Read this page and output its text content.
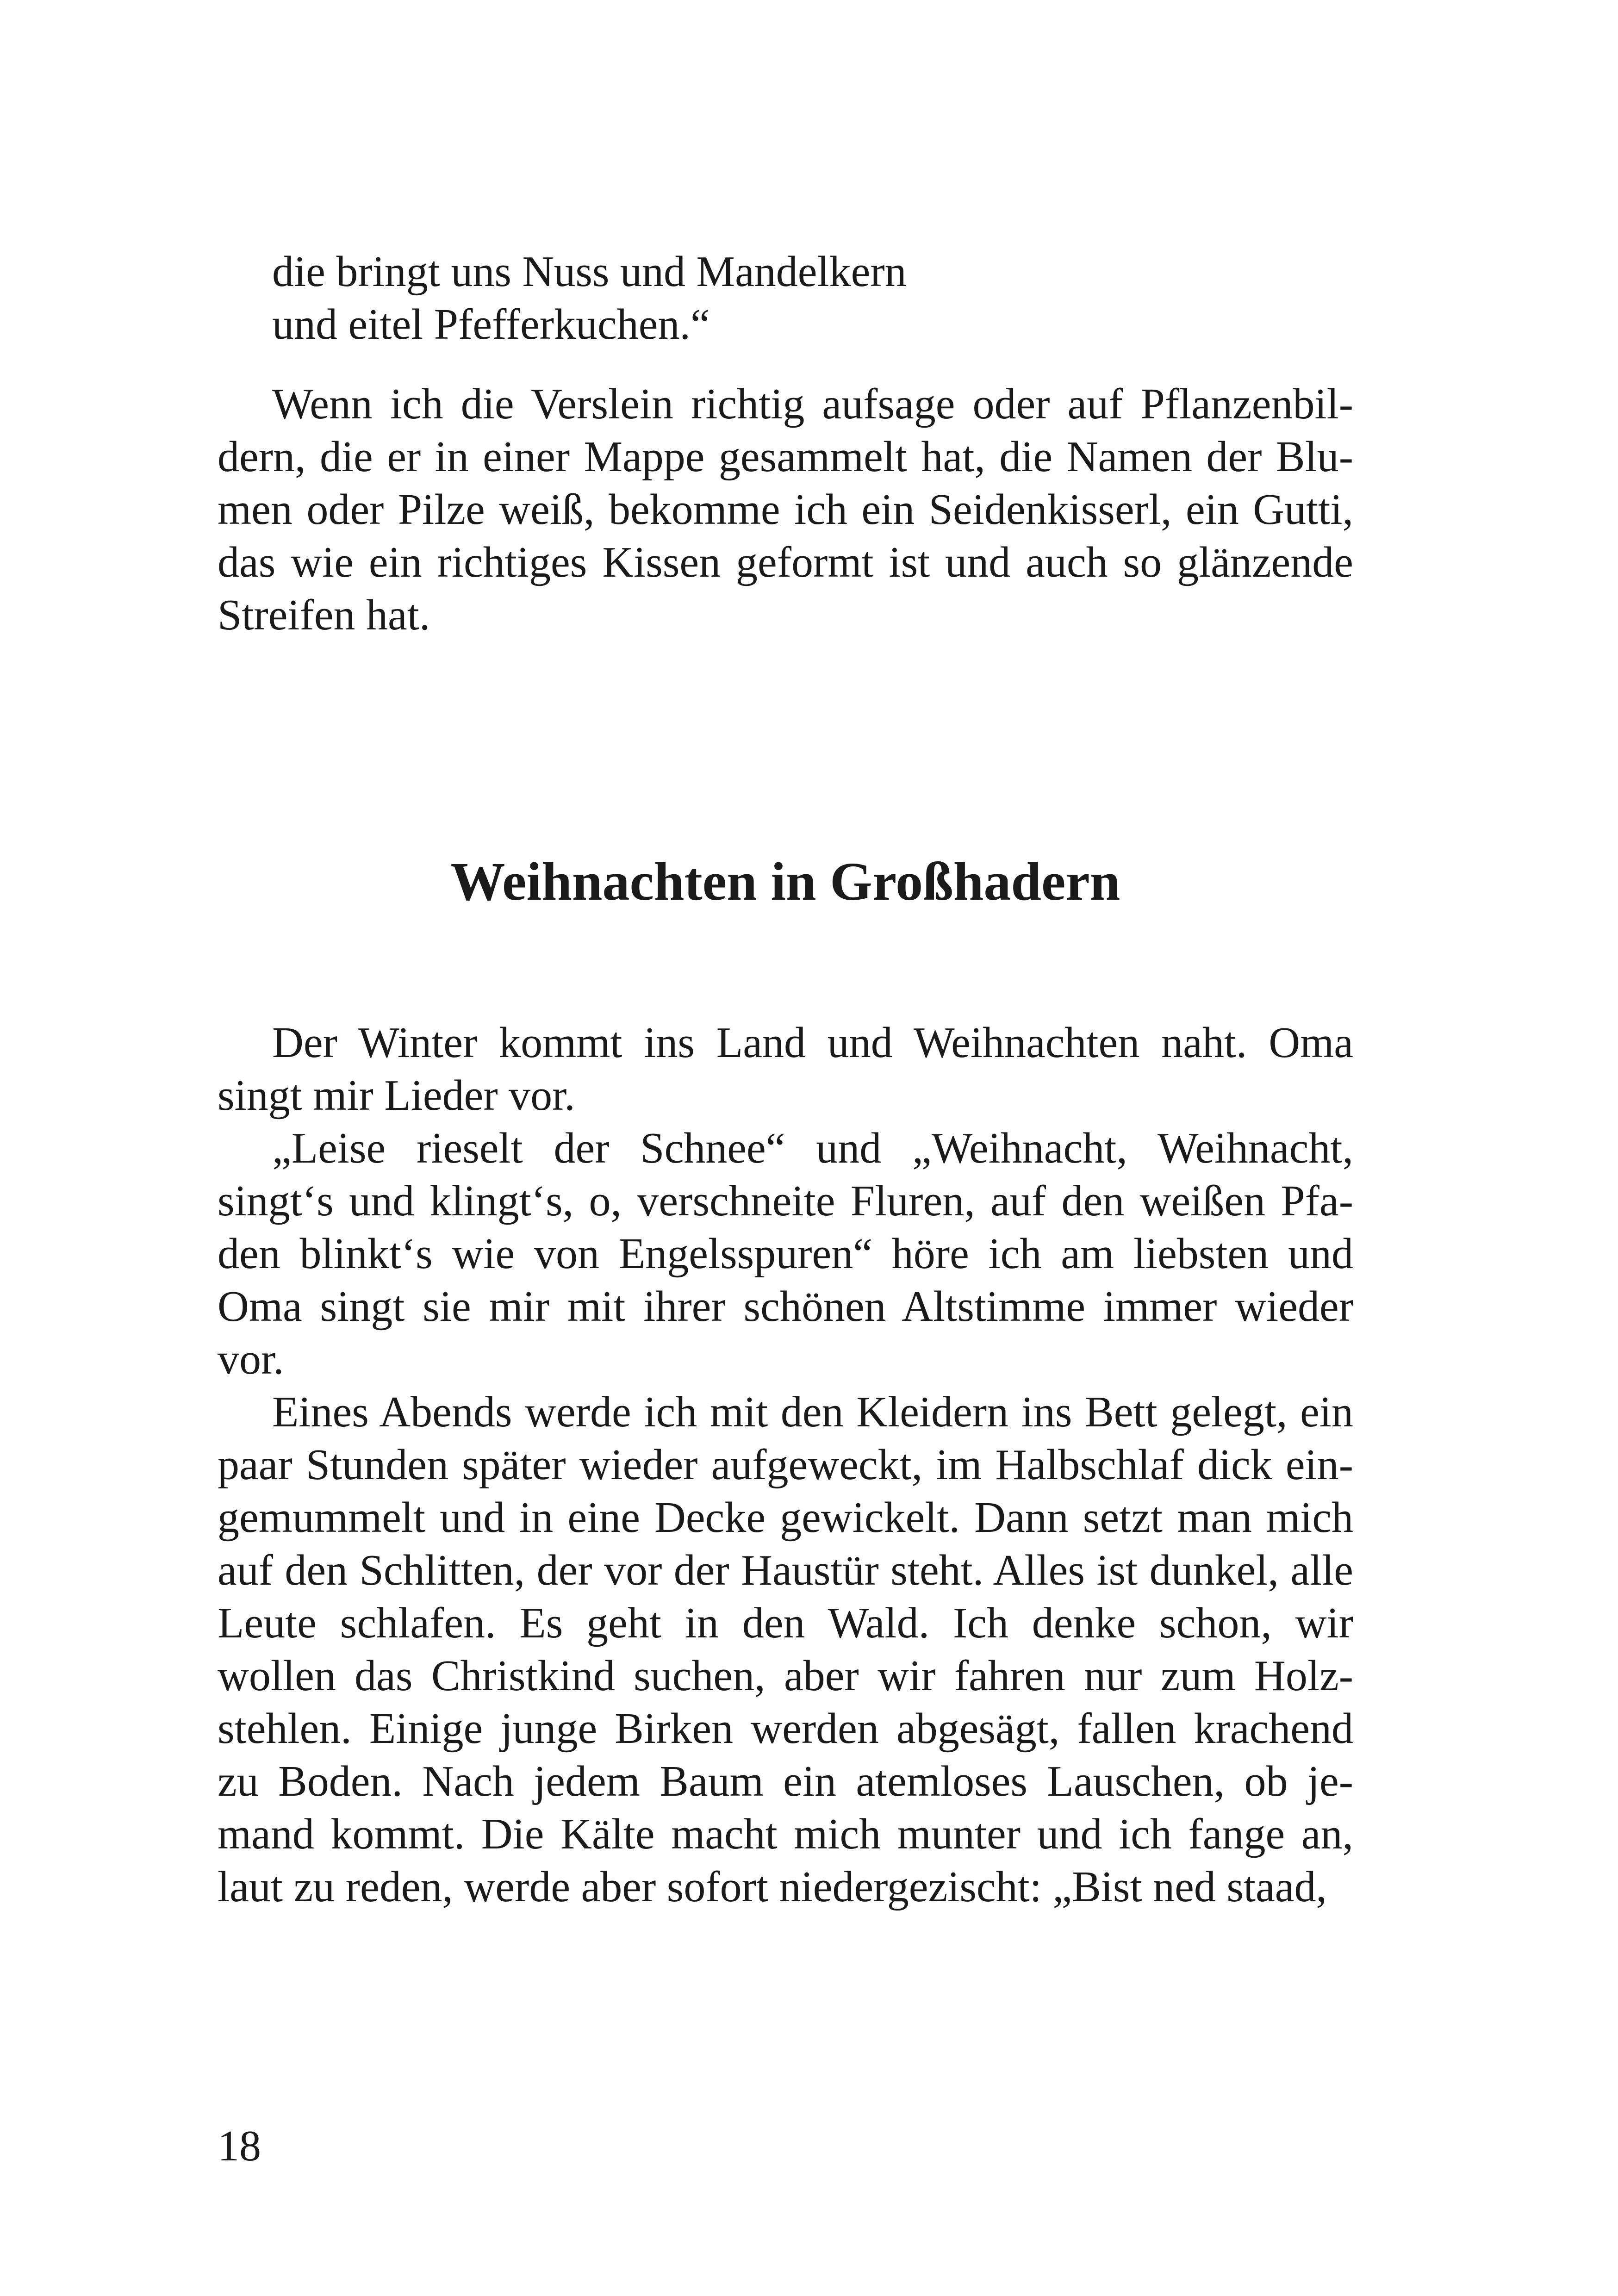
die bringt uns Nuss und Mandelkern
und eitel Pfefferkuchen.“

Wenn ich die Verslein richtig aufsage oder auf Pflanzenbildern, die er in einer Mappe gesammelt hat, die Namen der Blumen oder Pilze weiß, bekomme ich ein Seidenkisserl, ein Gutti, das wie ein richtiges Kissen geformt ist und auch so glänzende Streifen hat.

Weihnachten in Großhadern

Der Winter kommt ins Land und Weihnachten naht. Oma singt mir Lieder vor.

„Leise rieselt der Schnee“ und „Weihnacht, Weihnacht, singt‘s und klingt‘s, o, verschneite Fluren, auf den weißen Pfaden blinkt‘s wie von Engelsspuren“ höre ich am liebsten und Oma singt sie mir mit ihrer schönen Altstimme immer wieder vor.

Eines Abends werde ich mit den Kleidern ins Bett gelegt, ein paar Stunden später wieder aufgeweckt, im Halbschlaf dick eingemummelt und in eine Decke gewickelt. Dann setzt man mich auf den Schlitten, der vor der Haustür steht. Alles ist dunkel, alle Leute schlafen. Es geht in den Wald. Ich denke schon, wir wollen das Christkind suchen, aber wir fahren nur zum Holzstehlen. Einige junge Birken werden abgesägt, fallen krachend zu Boden. Nach jedem Baum ein atemloses Lauschen, ob jemand kommt. Die Kälte macht mich munter und ich fange an, laut zu reden, werde aber sofort niedergezischt: „Bist ned staad,

18
